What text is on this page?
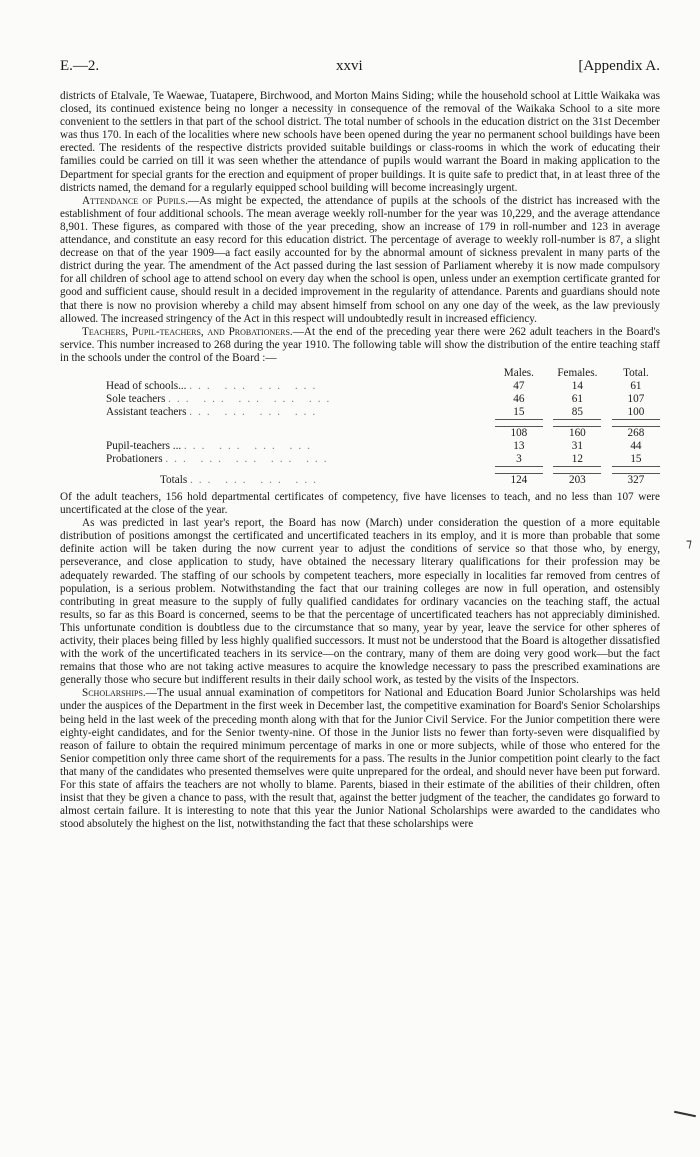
E.—2.	xxvi	[Appendix A.

districts of Etalvale, Te Waewae, Tuatapere, Birchwood, and Morton Mains Siding; while the household school at Little Waikaka was closed, its continued existence being no longer a necessity in consequence of the removal of the Waikaka School to a site more convenient to the settlers in that part of the school district. The total number of schools in the education district on the 31st December was thus 170. In each of the localities where new schools have been opened during the year no permanent school buildings have been erected. The residents of the respective districts provided suitable buildings or class-rooms in which the work of educating their families could be carried on till it was seen whether the attendance of pupils would warrant the Board in making application to the Department for special grants for the erection and equipment of proper buildings. It is quite safe to predict that, in at least three of the districts named, the demand for a regularly equipped school building will become increasingly urgent.

Attendance of Pupils.—As might be expected, the attendance of pupils at the schools of the district has increased with the establishment of four additional schools. The mean average weekly roll-number for the year was 10,229, and the average attendance 8,901. These figures, as compared with those of the year preceding, show an increase of 179 in roll-number and 123 in average attendance, and constitute an easy record for this education district. The percentage of average to weekly roll-number is 87, a slight decrease on that of the year 1909—a fact easily accounted for by the abnormal amount of sickness prevalent in many parts of the district during the year. The amendment of the Act passed during the last session of Parliament whereby it is now made compulsory for all children of school age to attend school on every day when the school is open, unless under an exemption certificate granted for good and sufficient cause, should result in a decided improvement in the regularity of attendance. Parents and guardians should note that there is now no provision whereby a child may absent himself from school on any one day of the week, as the law previously allowed. The increased stringency of the Act in this respect will undoubtedly result in increased efficiency.

Teachers, Pupil-teachers, and Probationers.—At the end of the preceding year there were 262 adult teachers in the Board's service. This number increased to 268 during the year 1910. The following table will show the distribution of the entire teaching staff in the schools under the control of the Board :—

	Males.		Females.		Total.
Head of schools... ... ... ... ...	47		14		61
Sole teachers ... ... ... ... ...	46		61		107
Assistant teachers ... ... ... ...	15		85		100

	108		160		268
Pupil-teachers ... ... ... ... ...	13		31		44
Probationers ... ... ... ... ...	3		12		15

Totals ... ... ... ...	124		203		327

Of the adult teachers, 156 hold departmental certificates of competency, five have licenses to teach, and no less than 107 were uncertificated at the close of the year.

As was predicted in last year's report, the Board has now (March) under consideration the question of a more equitable distribution of positions amongst the certificated and uncertificated teachers in its employ, and it is more than probable that some definite action will be taken during the now current year to adjust the conditions of service so that those who, by energy, perseverance, and close application to study, have obtained the necessary literary qualifications for their profession may be adequately rewarded. The staffing of our schools by competent teachers, more especially in localities far removed from centres of population, is a serious problem. Notwithstanding the fact that our training colleges are now in full operation, and ostensibly contributing in great measure to the supply of fully qualified candidates for ordinary vacancies on the teaching staff, the actual results, so far as this Board is concerned, seems to be that the percentage of uncertificated teachers has not appreciably diminished. This unfortunate condition is doubtless due to the circumstance that so many, year by year, leave the service for other spheres of activity, their places being filled by less highly qualified successors. It must not be understood that the Board is altogether dissatisfied with the work of the uncertificated teachers in its service—on the contrary, many of them are doing very good work—but the fact remains that those who are not taking active measures to acquire the knowledge necessary to pass the prescribed examinations are generally those who secure but indifferent results in their daily school work, as tested by the visits of the Inspectors.

Scholarships.—The usual annual examination of competitors for National and Education Board Junior Scholarships was held under the auspices of the Department in the first week in December last, the competitive examination for Board's Senior Scholarships being held in the last week of the preceding month along with that for the Junior Civil Service. For the Junior competition there were eighty-eight candidates, and for the Senior twenty-nine. Of those in the Junior lists no fewer than forty-seven were disqualified by reason of failure to obtain the required minimum percentage of marks in one or more subjects, while of those who entered for the Senior competition only three came short of the requirements for a pass. The results in the Junior competition point clearly to the fact that many of the candidates who presented themselves were quite unprepared for the ordeal, and should never have been put forward. For this state of affairs the teachers are not wholly to blame. Parents, biased in their estimate of the abilities of their children, often insist that they be given a chance to pass, with the result that, against the better judgment of the teacher, the candidates go forward to almost certain failure. It is interesting to note that this year the Junior National Scholarships were awarded to the candidates who stood absolutely the highest on the list, notwithstanding the fact that these scholarships were

⁊
